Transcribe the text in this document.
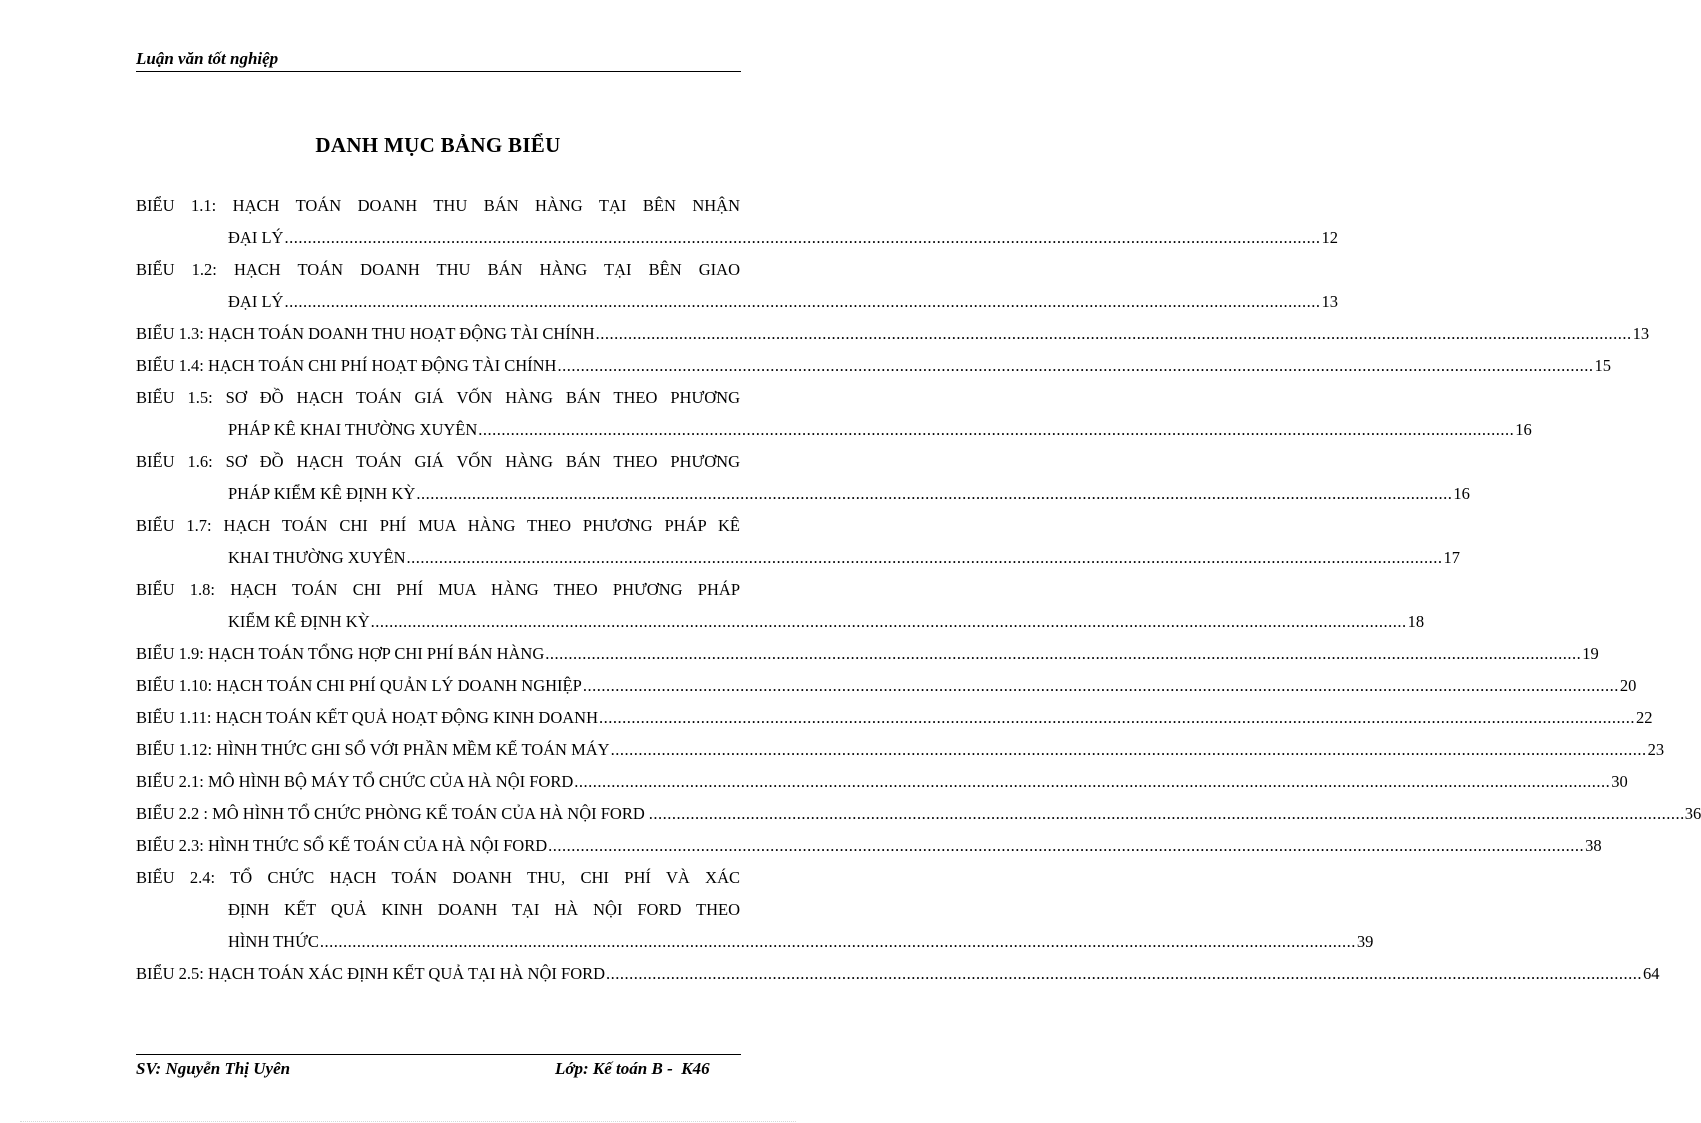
Luận văn tốt nghiệp
DANH MỤC BẢNG BIỂU
BIỂU 1.1: HẠCH TOÁN DOANH THU BÁN HÀNG TẠI BÊN NHẬN
ĐẠI LÝ .....	12
BIỂU 1.2: HẠCH TOÁN DOANH THU BÁN HÀNG TẠI BÊN GIAO
ĐẠI LÝ .....	13
BIỂU 1.3: HẠCH TOÁN DOANH THU HOẠT ĐỘNG TÀI CHÍNH .....	13
BIỂU 1.4: HẠCH TOÁN CHI PHÍ HOẠT ĐỘNG TÀI CHÍNH .....	15
BIỂU 1.5: SƠ ĐỒ HẠCH TOÁN GIÁ VỐN HÀNG BÁN THEO PHƯƠNG
PHÁP KÊ KHAI THƯỜNG XUYÊN .....	16
BIỂU 1.6: SƠ ĐỒ HẠCH TOÁN GIÁ VỐN HÀNG BÁN THEO PHƯƠNG
PHÁP KIỂM KÊ ĐỊNH KỲ .....	16
BIỂU 1.7: HẠCH TOÁN CHI PHÍ MUA HÀNG THEO PHƯƠNG PHÁP KÊ
KHAI THƯỜNG XUYÊN .....	17
BIỂU 1.8: HẠCH TOÁN CHI PHÍ MUA HÀNG THEO PHƯƠNG PHÁP
KIỂM KÊ ĐỊNH KỲ .....	18
BIỂU 1.9: HẠCH TOÁN TỔNG HỢP CHI PHÍ BÁN HÀNG .....	19
BIỂU 1.10: HẠCH TOÁN CHI PHÍ QUẢN LÝ DOANH NGHIỆP .....	20
BIỂU 1.11: HẠCH TOÁN KẾT QUẢ HOẠT ĐỘNG KINH DOANH .....	22
BIỂU 1.12: HÌNH THỨC GHI SỔ VỚI PHẦN MỀM KẾ TOÁN MÁY .....	23
BIỂU 2.1: MÔ HÌNH BỘ MÁY TỔ CHỨC CỦA HÀ NỘI FORD .....	30
BIỂU 2.2 : MÔ HÌNH TỔ CHỨC PHÒNG KẾ TOÁN CỦA HÀ NỘI FORD .....	36
BIỂU 2.3: HÌNH THỨC SỔ KẾ TOÁN CỦA HÀ NỘI FORD .....	38
BIỂU 2.4: TỔ CHỨC HẠCH TOÁN DOANH THU, CHI PHÍ VÀ XÁC
ĐỊNH KẾT QUẢ KINH DOANH TẠI HÀ NỘI FORD THEO
HÌNH THỨC .....	39
BIỂU 2.5: HẠCH TOÁN XÁC ĐỊNH KẾT QUẢ TẠI HÀ NỘI FORD .....	64
SV: Nguyễn Thị Uyên	Lớp: Kế toán B -  K46
